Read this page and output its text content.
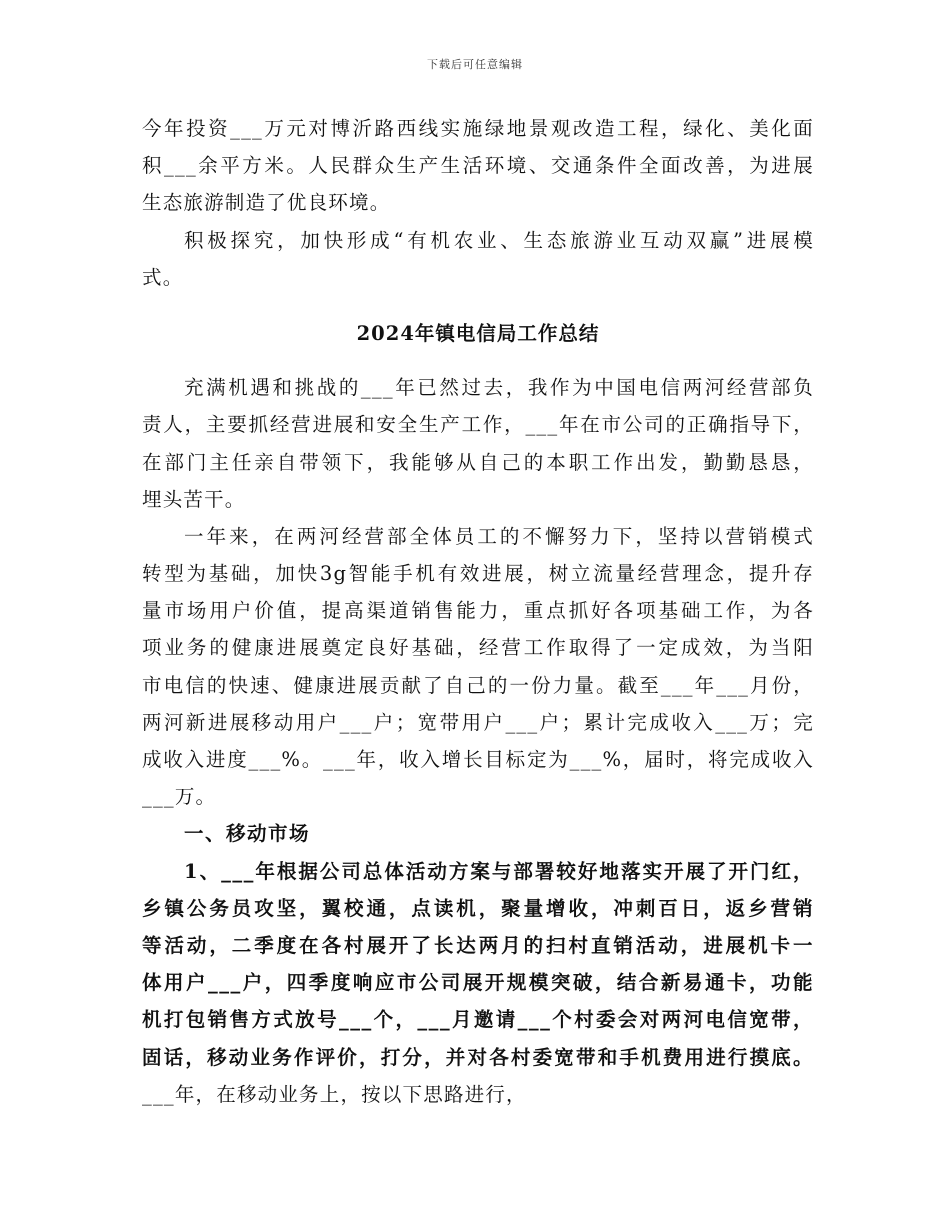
下载后可任意编辑
今年投资___万元对博沂路西线实施绿地景观改造工程，绿化、美化面
积___余平方米。人民群众生产生活环境、交通条件全面改善，为进展
生态旅游制造了优良环境。
积极探究，加快形成“有机农业、生态旅游业互动双赢”进展模
式。
2024年镇电信局工作总结
充满机遇和挑战的___年已然过去，我作为中国电信两河经营部负
责人，主要抓经营进展和安全生产工作，___年在市公司的正确指导下，
在部门主任亲自带领下，我能够从自己的本职工作出发，勤勤恳恳，
埋头苦干。
一年来，在两河经营部全体员工的不懈努力下，坚持以营销模式
转型为基础，加快3g智能手机有效进展，树立流量经营理念，提升存
量市场用户价值，提高渠道销售能力，重点抓好各项基础工作，为各
项业务的健康进展奠定良好基础，经营工作取得了一定成效，为当阳
市电信的快速、健康进展贡献了自己的一份力量。截至___年___月份，
两河新进展移动用户___户；宽带用户___户；累计完成收入___万；完
成收入进度___%。___年，收入增长目标定为___%，届时，将完成收入
___万。
一、移动市场
1、___年根据公司总体活动方案与部署较好地落实开展了开门红，
乡镇公务员攻坚，翼校通，点读机，聚量增收，冲刺百日，返乡营销
等活动，二季度在各村展开了长达两月的扫村直销活动，进展机卡一
体用户___户，四季度响应市公司展开规模突破，结合新易通卡，功能
机打包销售方式放号___个，___月邀请___个村委会对两河电信宽带，
固话，移动业务作评价，打分，并对各村委宽带和手机费用进行摸底。
___年，在移动业务上，按以下思路进行，
